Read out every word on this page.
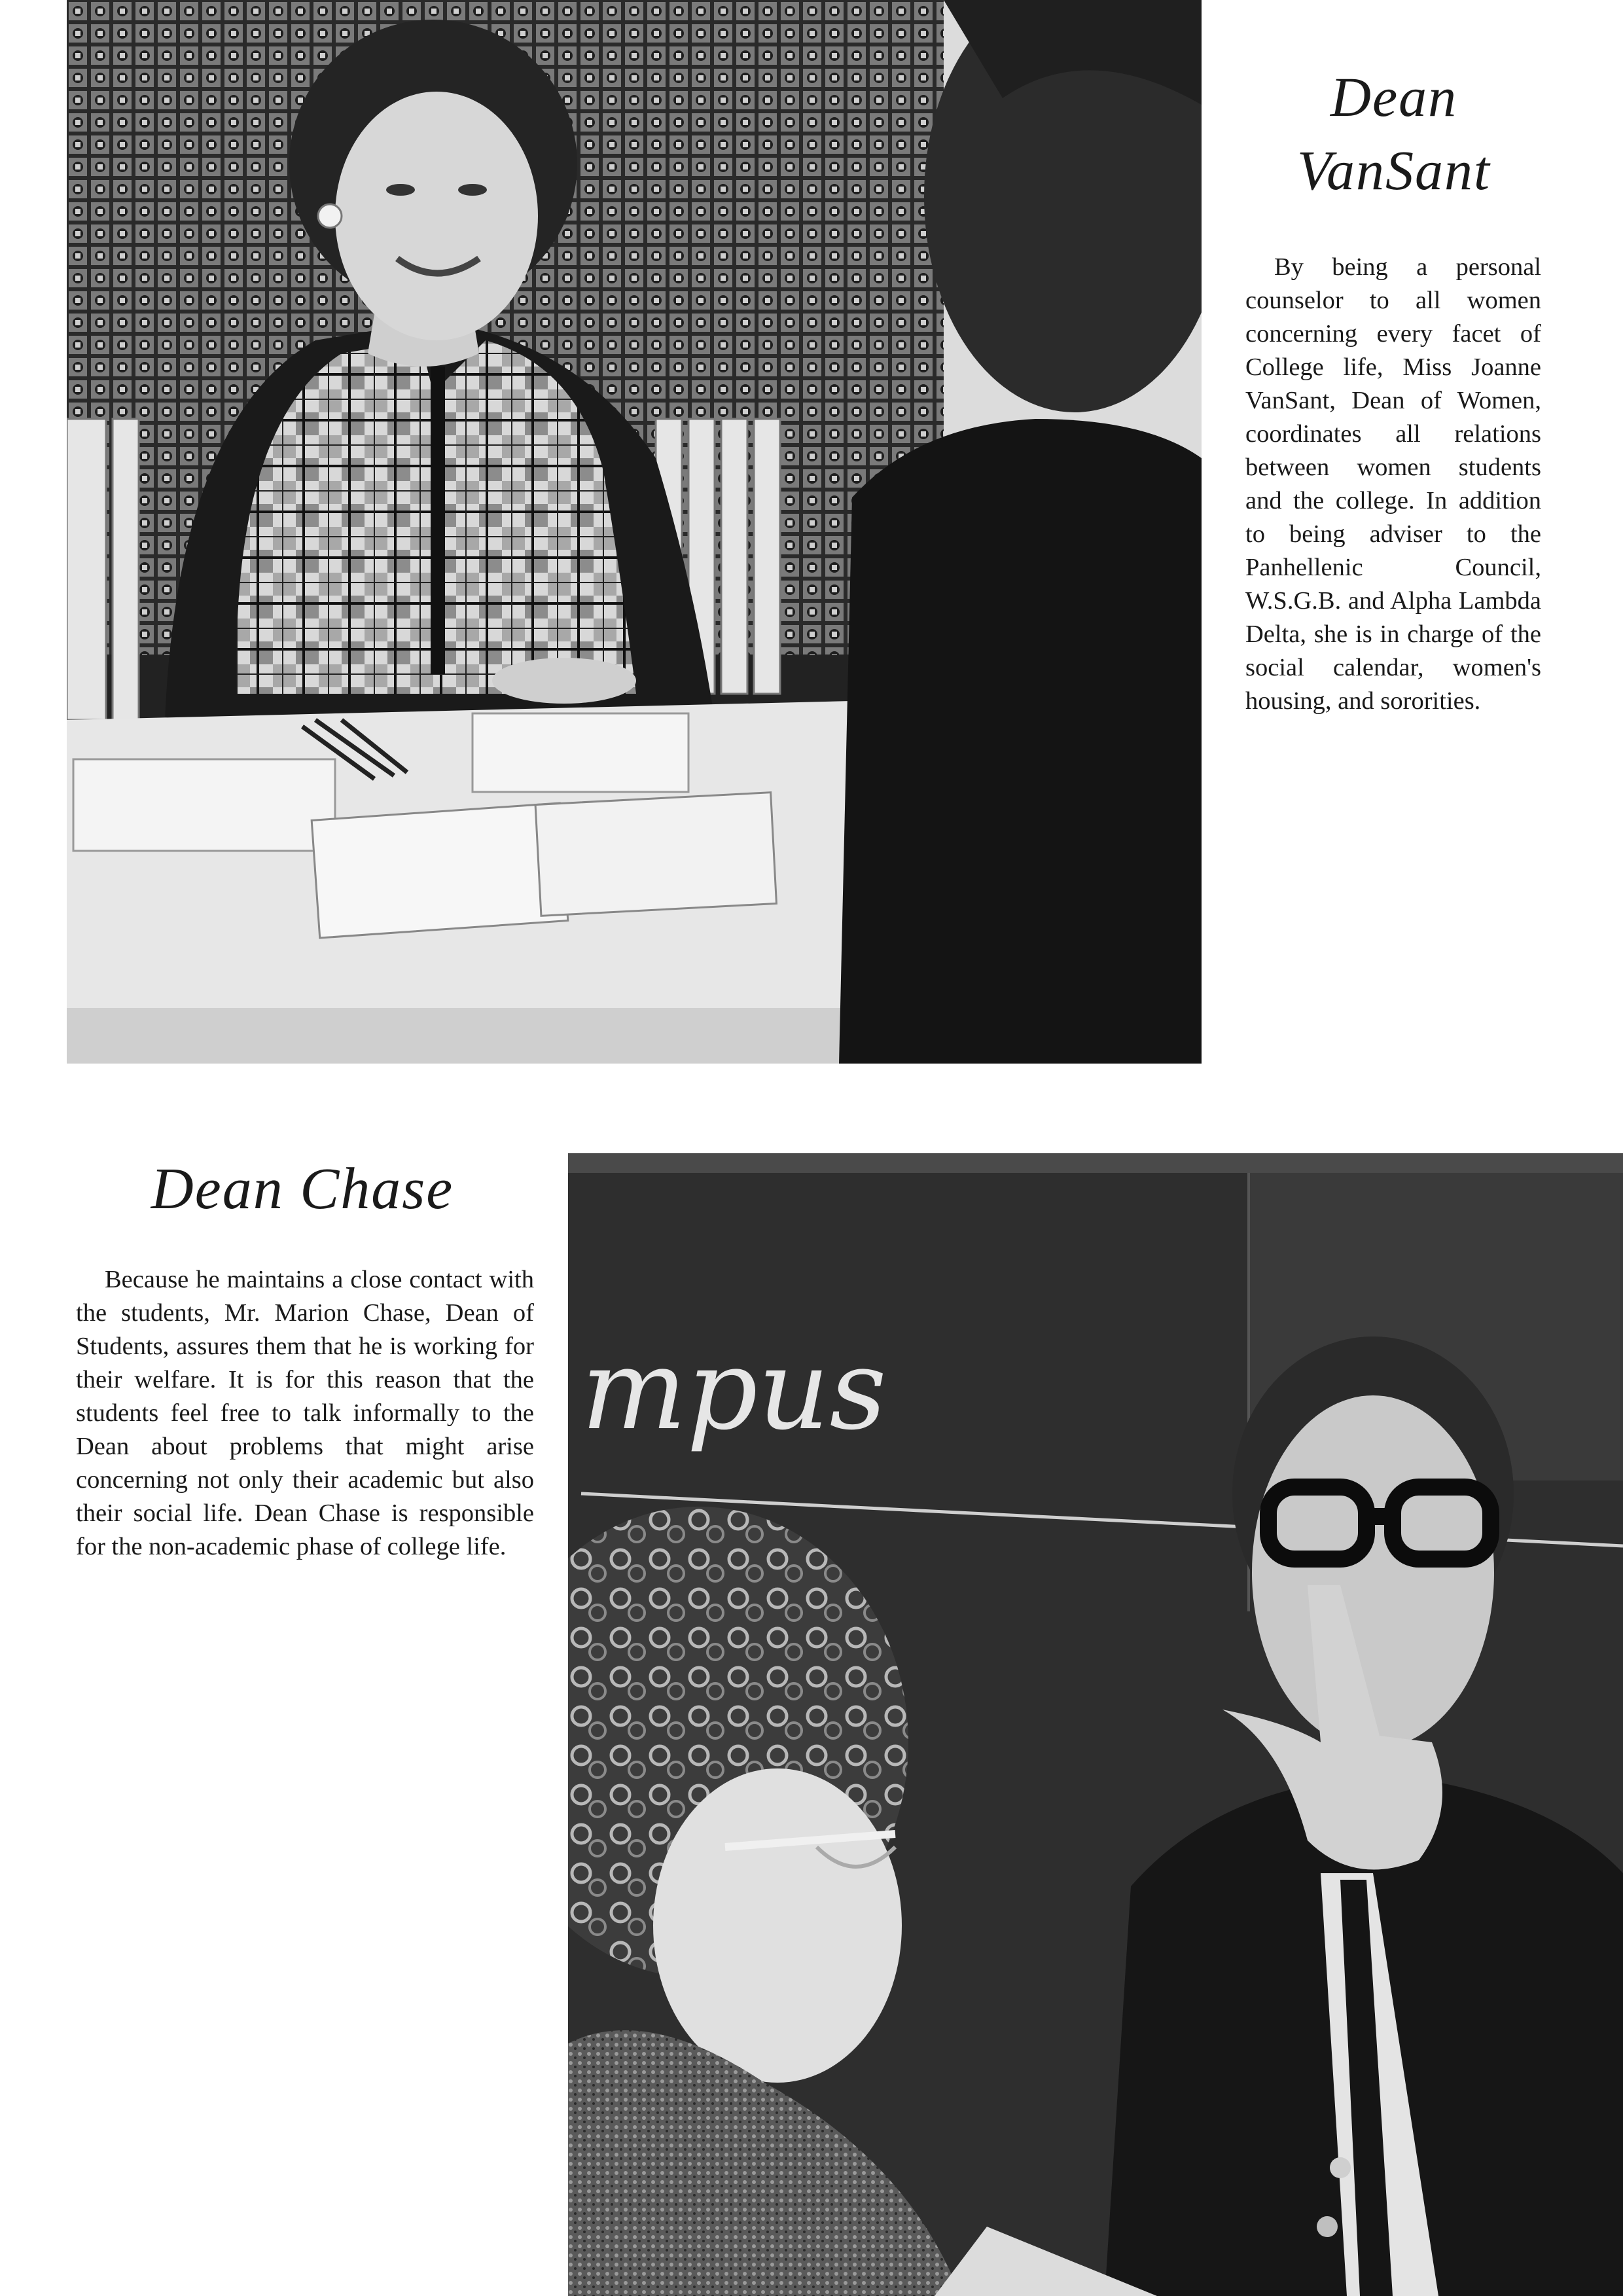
Dean
VanSant

By being a personal counselor to all women concerning every facet of College life, Miss Joanne VanSant, Dean of Women, coordinates all relations between women students and the college. In addition to being adviser to the Panhellenic Council, W.S.G.B. and Alpha Lambda Delta, she is in charge of the social calendar, women's housing, and sororities.

Dean Chase

Because he maintains a close contact with the students, Mr. Marion Chase, Dean of Students, assures them that he is working for their welfare. It is for this reason that the students feel free to talk informally to the Dean about problems that might arise concerning not only their academic but also their social life. Dean Chase is responsible for the non-academic phase of college life.

mpus
